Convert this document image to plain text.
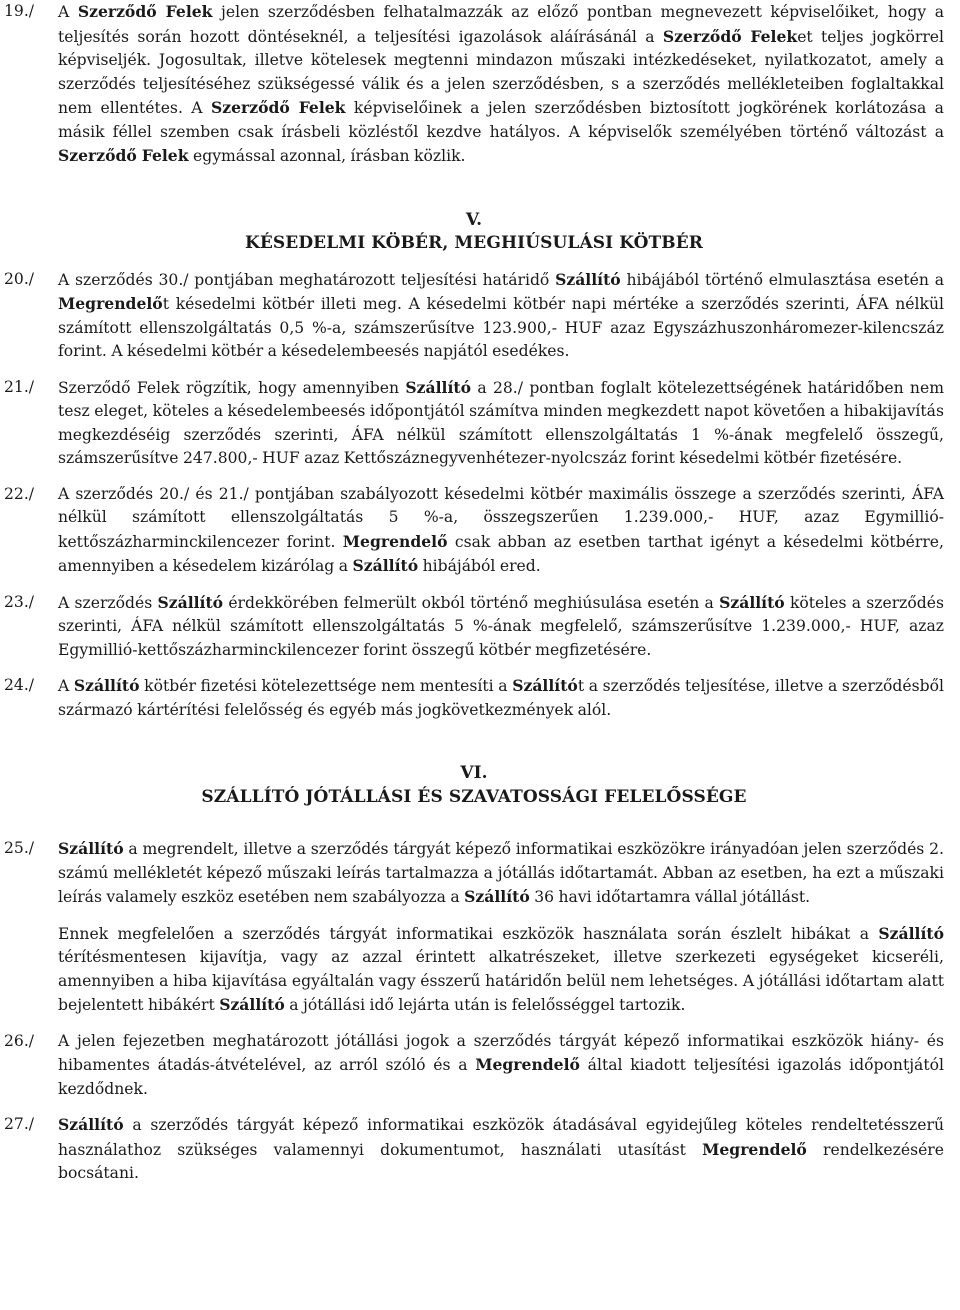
19./	A Szerződő Felek jelen szerződésben felhatalmazzák az előző pontban megnevezett képviselőiket, hogy a teljesítés során hozott döntéseknél, a teljesítési igazolások aláírásánál a Szerződő Feleket teljes jogkörrel képviseljék. Jogosultak, illetve kötelesek megtenni mindazon műszaki intézkedéseket, nyilatkozatot, amely a szerződés teljesítéséhez szükségessé válik és a jelen szerződésben, s a szerződés mellékleteiben foglaltakkal nem ellentétes. A Szerződő Felek képviselőinek a jelen szerződésben biztosított jogkörének korlátozása a másik féllel szemben csak írásbeli közléstől kezdve hatályos. A képviselők személyében történő változást a Szerződő Felek egymással azonnal, írásban közlik.
V.
KÉSEDELMI KÖBÉR, MEGHIÚSULÁSI KÖTBÉR
20./	A szerződés 30./ pontjában meghatározott teljesítési határidő Szállító hibájából történő elmulasztása esetén a Megrendelőt késedelmi kötbér illeti meg. A késedelmi kötbér napi mértéke a szerződés szerinti, ÁFA nélkül számított ellenszolgáltatás 0,5 %-a, számszerűsítve 123.900,- HUF azaz Egyszázhuszonháromezer-kilencszáz forint. A késedelmi kötbér a késedelembeesés napjától esedékes.
21./	Szerződő Felek rögzítik, hogy amennyiben Szállító a 28./ pontban foglalt kötelezettségének határidőben nem tesz eleget, köteles a késedelembeesés időpontjától számítva minden megkezdett napot követően a hibakijavítás megkezdéséig szerződés szerinti, ÁFA nélkül számított ellenszolgáltatás 1 %-ának megfelelő összegű, számszerűsítve 247.800,- HUF azaz Kettőszáznegyvenhétezer-nyolcszáz forint késedelmi kötbér fizetésére.
22./	A szerződés 20./ és 21./ pontjában szabályozott késedelmi kötbér maximális összege a szerződés szerinti, ÁFA nélkül számított ellenszolgáltatás 5 %-a, összegszerűen 1.239.000,- HUF, azaz Egymillió-kettőszázharminckilencezer forint. Megrendelő csak abban az esetben tarthat igényt a késedelmi kötbérre, amennyiben a késedelem kizárólag a Szállító hibájából ered.
23./	A szerződés Szállító érdekkörében felmerült okból történő meghiúsulása esetén a Szállító köteles a szerződés szerinti, ÁFA nélkül számított ellenszolgáltatás 5 %-ának megfelelő, számszerűsítve 1.239.000,- HUF, azaz Egymillió-kettőszázharminckilencezer forint összegű kötbér megfizetésére.
24./	A Szállító kötbér fizetési kötelezettsége nem mentesíti a Szállítót a szerződés teljesítése, illetve a szerződésből származó kártérítési felelősség és egyéb más jogkövetkezmények alól.
VI.
SZÁLLÍTÓ JÓTÁLLÁSI ÉS SZAVATOSSÁGI FELELŐSSÉGE
25./	Szállító a megrendelt, illetve a szerződés tárgyát képező informatikai eszközökre irányadóan jelen szerződés 2. számú mellékletét képező műszaki leírás tartalmazza a jótállás időtartamát. Abban az esetben, ha ezt a műszaki leírás valamely eszköz esetében nem szabályozza a Szállító 36 havi időtartamra vállal jótállást.
Ennek megfelelően a szerződés tárgyát informatikai eszközök használata során észlelt hibákat a Szállító térítésmentesen kijavítja, vagy az azzal érintett alkatrészeket, illetve szerkezeti egységeket kicseréli, amennyiben a hiba kijavítása egyáltalán vagy ésszerű határidőn belül nem lehetséges. A jótállási időtartam alatt bejelentett hibákért Szállító a jótállási idő lejárta után is felelősséggel tartozik.
26./	A jelen fejezetben meghatározott jótállási jogok a szerződés tárgyát képező informatikai eszközök hiány- és hibamentes átadás-átvételével, az arról szóló és a Megrendelő által kiadott teljesítési igazolás időpontjától kezdődnek.
27./	Szállító a szerződés tárgyát képező informatikai eszközök átadásával egyidejűleg köteles rendeltetésszerű használathoz szükséges valamennyi dokumentumot, használati utasítást Megrendelő rendelkezésére bocsátani.
